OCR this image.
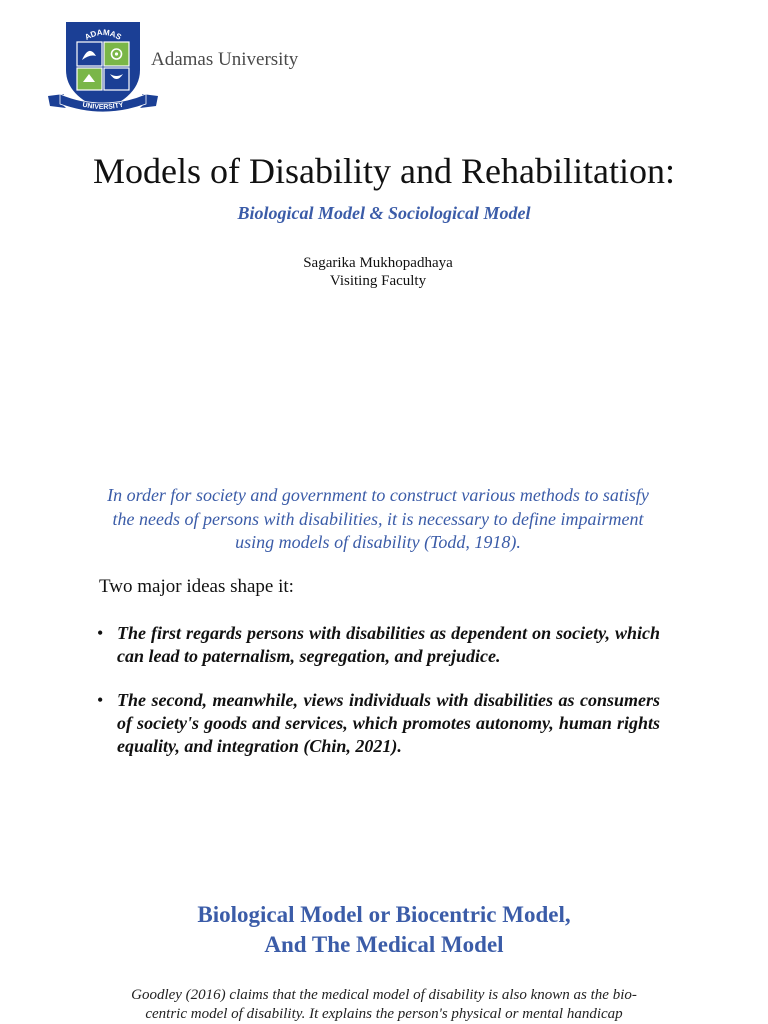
ADAMAS
UNIVERSITY
Adamas University
Models of Disability and Rehabilitation:
Biological Model & Sociological Model
Sagarika Mukhopadhaya
Visiting Faculty
In order for society and government to construct various methods to satisfy the needs of persons with disabilities, it is necessary to define impairment using models of disability (Todd, 1918).
Two major ideas shape it:
• The first regards persons with disabilities as dependent on society, which can lead to paternalism, segregation, and prejudice.
• The second, meanwhile, views individuals with disabilities as consumers of society's goods and services, which promotes autonomy, human rights equality, and integration (Chin, 2021).
Biological Model or Biocentric Model,
And The Medical Model
Goodley (2016) claims that the medical model of disability is also known as the bio-centric model of disability. It explains the person's physical or mental handicap
